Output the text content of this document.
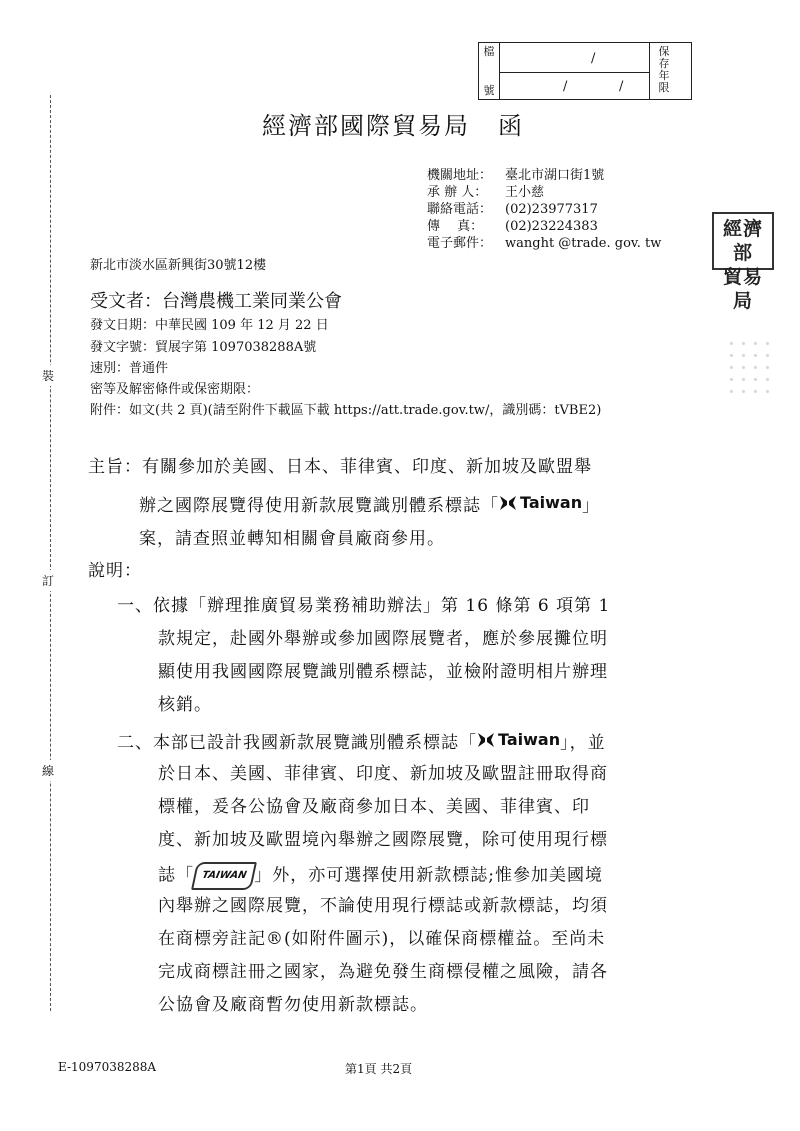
檔
號
/
/	/
保存年限
裝
訂
線
經濟部國際貿易局 函
機關地址： 臺北市湖口街1號
承 辦 人： 王小慈
聯絡電話： (02)23977317
傳　 真： (02)23224383
電子郵件： wanght @trade. gov. tw
經濟部
貿易局
新北市淡水區新興街30號12樓
受文者：台灣農機工業同業公會
發文日期：中華民國 109 年 12 月 22 日
發文字號：貿展字第 1097038288A號
速別：普通件
密等及解密條件或保密期限：
附件：如文(共 2 頁)(請至附件下載區下載 https://att.trade.gov.tw/，識別碼：tVBE2)
主旨：有關參加於美國、日本、菲律賓、印度、新加坡及歐盟舉
辦之國際展覽得使用新款展覽識別體系標誌「 Taiwan 」
案，請查照並轉知相關會員廠商參用。
說明：
一、依據「辦理推廣貿易業務補助辦法」第 16 條第 6 項第 1
款規定，赴國外舉辦或參加國際展覽者，應於參展攤位明
顯使用我國國際展覽識別體系標誌，並檢附證明相片辦理
核銷。
二、本部已設計我國新款展覽識別體系標誌「 Taiwan 」，並
於日本、美國、菲律賓、印度、新加坡及歐盟註冊取得商
標權，爰各公協會及廠商參加日本、美國、菲律賓、印
度、新加坡及歐盟境內舉辦之國際展覽，除可使用現行標
誌「 TAIWAN 」外，亦可選擇使用新款標誌;惟參加美國境
內舉辦之國際展覽，不論使用現行標誌或新款標誌，均須
在商標旁註記®(如附件圖示)，以確保商標權益。至尚未
完成商標註冊之國家，為避免發生商標侵權之風險，請各
公協會及廠商暫勿使用新款標誌。
E-1097038288A	第1頁 共2頁
